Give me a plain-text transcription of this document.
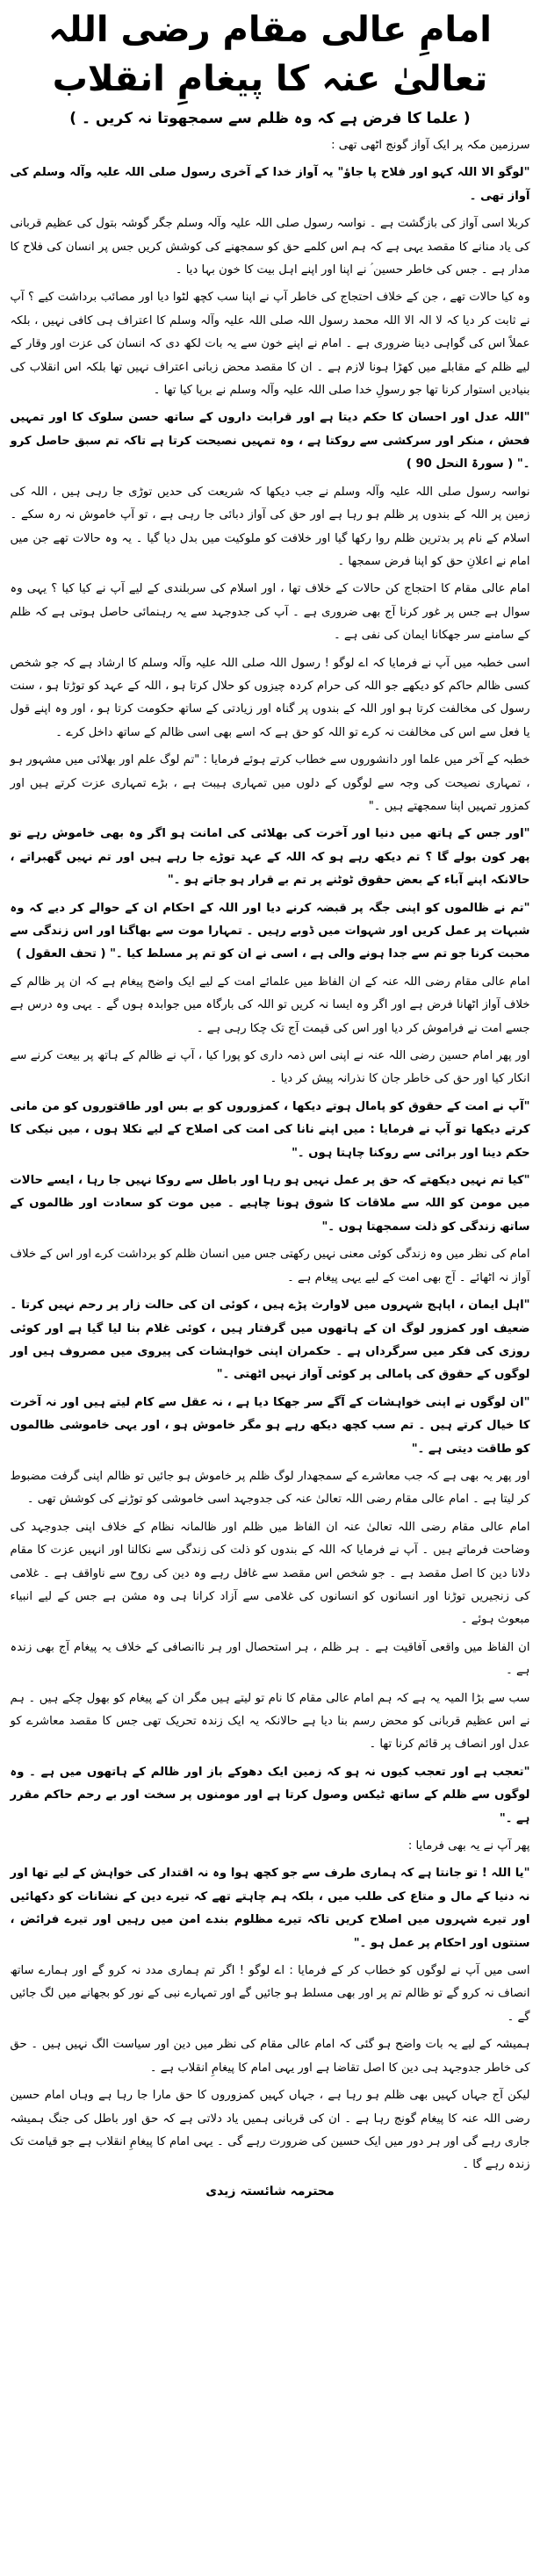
امامِ عالی مقام رضی اللہ تعالیٰ عنہ کا پیغامِ انقلاب
( علما کا فرض ہے کہ وہ ظلم سے سمجھوتا نہ کریں ۔ )

سرزمین مکہ پر ایک آواز گونج اٹھی تھی :

"لوگو الا اللہ کہو اور فلاح پا جاؤ" یہ آواز خدا کے آخری رسول صلی اللہ علیہ وآلہ وسلم کی آواز تھی ۔

کربلا اسی آواز کی بازگشت ہے ۔ نواسہ رسول صلی اللہ علیہ وآلہ وسلم جگر گوشہ بتول کی عظیم قربانی کی یاد منانے کا مقصد یہی ہے کہ ہم اس کلمے حق کو سمجھنے کی کوشش کریں جس پر انسان کی فلاح کا مدار ہے ۔ جس کی خاطر حسین ؑ نے اپنا اور اپنے اہل بیت کا خون بہا دیا ۔

وہ کیا حالات تھے ، جن کے خلاف احتجاج کی خاطر آپ نے اپنا سب کچھ لٹوا دیا اور مصائب برداشت کیے ؟ آپ نے ثابت کر دیا کہ لا الہ الا اللہ محمد رسول اللہ صلی اللہ علیہ وآلہ وسلم کا اعتراف ہی کافی نہیں ، بلکہ عملاً اس کی گواہی دینا ضروری ہے ۔ امام نے اپنے خون سے یہ بات لکھ دی کہ انسان کی عزت اور وقار کے لیے ظلم کے مقابلے میں کھڑا ہونا لازم ہے ۔ ان کا مقصد محض زبانی اعتراف نہیں تھا بلکہ اس انقلاب کی بنیادیں استوار کرنا تھا جو رسولِ خدا صلی اللہ علیہ وآلہ وسلم نے برپا کیا تھا ۔

"اللہ عدل اور احسان کا حکم دیتا ہے اور قرابت داروں کے ساتھ حسن سلوک کا اور تمہیں فحش ، منکر اور سرکشی سے روکتا ہے ، وہ تمہیں نصیحت کرتا ہے تاکہ تم سبق حاصل کرو ۔" ( سورۃ النحل 90 )

نواسہ رسول صلی اللہ علیہ وآلہ وسلم نے جب دیکھا کہ شریعت کی حدیں توڑی جا رہی ہیں ، اللہ کی زمین پر اللہ کے بندوں پر ظلم ہو رہا ہے اور حق کی آواز دبائی جا رہی ہے ، تو آپ خاموش نہ رہ سکے ۔ اسلام کے نام پر بدترین ظلم روا رکھا گیا اور خلافت کو ملوکیت میں بدل دیا گیا ۔ یہ وہ حالات تھے جن میں امام نے اعلانِ حق کو اپنا فرض سمجھا ۔

امام عالی مقام کا احتجاج کن حالات کے خلاف تھا ، اور اسلام کی سربلندی کے لیے آپ نے کیا کیا ؟ یہی وہ سوال ہے جس پر غور کرنا آج بھی ضروری ہے ۔ آپ کی جدوجہد سے یہ رہنمائی حاصل ہوتی ہے کہ ظلم کے سامنے سر جھکانا ایمان کی نفی ہے ۔

اسی خطبہ میں آپ نے فرمایا کہ اے لوگو ! رسول اللہ صلی اللہ علیہ وآلہ وسلم کا ارشاد ہے کہ جو شخص کسی ظالم حاکم کو دیکھے جو اللہ کی حرام کردہ چیزوں کو حلال کرتا ہو ، اللہ کے عہد کو توڑتا ہو ، سنت رسول کی مخالفت کرتا ہو اور اللہ کے بندوں پر گناہ اور زیادتی کے ساتھ حکومت کرتا ہو ، اور وہ اپنے قول یا فعل سے اس کی مخالفت نہ کرے تو اللہ کو حق ہے کہ اسے بھی اسی ظالم کے ساتھ داخل کرے ۔

خطبہ کے آخر میں علما اور دانشوروں سے خطاب کرتے ہوئے فرمایا : "تم لوگ علم اور بھلائی میں مشہور ہو ، تمہاری نصیحت کی وجہ سے لوگوں کے دلوں میں تمہاری ہیبت ہے ، بڑے تمہاری عزت کرتے ہیں اور کمزور تمہیں اپنا سمجھتے ہیں ۔"

"اور جس کے ہاتھ میں دنیا اور آخرت کی بھلائی کی امانت ہو اگر وہ بھی خاموش رہے تو پھر کون بولے گا ؟ تم دیکھ رہے ہو کہ اللہ کے عہد توڑے جا رہے ہیں اور تم نہیں گھبراتے ، حالانکہ اپنے آباء کے بعض حقوق ٹوٹنے پر تم بے قرار ہو جاتے ہو ۔"

"تم نے ظالموں کو اپنی جگہ پر قبضہ کرنے دیا اور اللہ کے احکام ان کے حوالے کر دیے کہ وہ شبہات پر عمل کریں اور شہوات میں ڈوبے رہیں ۔ تمہارا موت سے بھاگنا اور اس زندگی سے محبت کرنا جو تم سے جدا ہونے والی ہے ، اسی نے ان کو تم پر مسلط کیا ۔" ( تحف العقول )

امام عالی مقام رضی اللہ عنہ کے ان الفاظ میں علمائے امت کے لیے ایک واضح پیغام ہے کہ ان پر ظالم کے خلاف آواز اٹھانا فرض ہے اور اگر وہ ایسا نہ کریں تو اللہ کی بارگاہ میں جوابدہ ہوں گے ۔ یہی وہ درس ہے جسے امت نے فراموش کر دیا اور اس کی قیمت آج تک چکا رہی ہے ۔

اور پھر امام حسین رضی اللہ عنہ نے اپنی اس ذمہ داری کو پورا کیا ، آپ نے ظالم کے ہاتھ پر بیعت کرنے سے انکار کیا اور حق کی خاطر جان کا نذرانہ پیش کر دیا ۔

"آپ نے امت کے حقوق کو پامال ہوتے دیکھا ، کمزوروں کو بے بس اور طاقتوروں کو من مانی کرتے دیکھا تو آپ نے فرمایا : میں اپنے نانا کی امت کی اصلاح کے لیے نکلا ہوں ، میں نیکی کا حکم دینا اور برائی سے روکنا چاہتا ہوں ۔"

"کیا تم نہیں دیکھتے کہ حق پر عمل نہیں ہو رہا اور باطل سے روکا نہیں جا رہا ، ایسے حالات میں مومن کو اللہ سے ملاقات کا شوق ہونا چاہیے ۔ میں موت کو سعادت اور ظالموں کے ساتھ زندگی کو ذلت سمجھتا ہوں ۔"

امام کی نظر میں وہ زندگی کوئی معنی نہیں رکھتی جس میں انسان ظلم کو برداشت کرے اور اس کے خلاف آواز نہ اٹھائے ۔ آج بھی امت کے لیے یہی پیغام ہے ۔

"اہل ایمان ، اپاہج شہروں میں لاوارث پڑے ہیں ، کوئی ان کی حالت زار پر رحم نہیں کرتا ۔ ضعیف اور کمزور لوگ ان کے ہاتھوں میں گرفتار ہیں ، کوئی غلام بنا لیا گیا ہے اور کوئی روزی کی فکر میں سرگرداں ہے ۔ حکمران اپنی خواہشات کی پیروی میں مصروف ہیں اور لوگوں کے حقوق کی پامالی پر کوئی آواز نہیں اٹھتی ۔"

"ان لوگوں نے اپنی خواہشات کے آگے سر جھکا دیا ہے ، نہ عقل سے کام لیتے ہیں اور نہ آخرت کا خیال کرتے ہیں ۔ تم سب کچھ دیکھ رہے ہو مگر خاموش ہو ، اور یہی خاموشی ظالموں کو طاقت دیتی ہے ۔"

اور پھر یہ بھی ہے کہ جب معاشرے کے سمجھدار لوگ ظلم پر خاموش ہو جائیں تو ظالم اپنی گرفت مضبوط کر لیتا ہے ۔ امام عالی مقام رضی اللہ تعالیٰ عنہ کی جدوجہد اسی خاموشی کو توڑنے کی کوشش تھی ۔

امام عالی مقام رضی اللہ تعالیٰ عنہ ان الفاظ میں ظلم اور ظالمانہ نظام کے خلاف اپنی جدوجہد کی وضاحت فرماتے ہیں ۔ آپ نے فرمایا کہ اللہ کے بندوں کو ذلت کی زندگی سے نکالنا اور انہیں عزت کا مقام دلانا دین کا اصل مقصد ہے ۔ جو شخص اس مقصد سے غافل رہے وہ دین کی روح سے ناواقف ہے ۔ غلامی کی زنجیریں توڑنا اور انسانوں کو انسانوں کی غلامی سے آزاد کرانا ہی وہ مشن ہے جس کے لیے انبیاء مبعوث ہوئے ۔

ان الفاظ میں واقعی آفاقیت ہے ۔ ہر ظلم ، ہر استحصال اور ہر ناانصافی کے خلاف یہ پیغام آج بھی زندہ ہے ۔

سب سے بڑا المیہ یہ ہے کہ ہم امام عالی مقام کا نام تو لیتے ہیں مگر ان کے پیغام کو بھول چکے ہیں ۔ ہم نے اس عظیم قربانی کو محض رسم بنا دیا ہے حالانکہ یہ ایک زندہ تحریک تھی جس کا مقصد معاشرے کو عدل اور انصاف پر قائم کرنا تھا ۔

"تعجب ہے اور تعجب کیوں نہ ہو کہ زمین ایک دھوکے باز اور ظالم کے ہاتھوں میں ہے ۔ وہ لوگوں سے ظلم کے ساتھ ٹیکس وصول کرتا ہے اور مومنوں پر سخت اور بے رحم حاکم مقرر ہے ۔"

پھر آپ نے یہ بھی فرمایا :

"یا اللہ ! تو جانتا ہے کہ ہماری طرف سے جو کچھ ہوا وہ نہ اقتدار کی خواہش کے لیے تھا اور نہ دنیا کے مال و متاع کی طلب میں ، بلکہ ہم چاہتے تھے کہ تیرے دین کے نشانات کو دکھائیں اور تیرے شہروں میں اصلاح کریں تاکہ تیرے مظلوم بندے امن میں رہیں اور تیرے فرائض ، سنتوں اور احکام پر عمل ہو ۔"

اسی میں آپ نے لوگوں کو خطاب کر کے فرمایا : اے لوگو ! اگر تم ہماری مدد نہ کرو گے اور ہمارے ساتھ انصاف نہ کرو گے تو ظالم تم پر اور بھی مسلط ہو جائیں گے اور تمہارے نبی کے نور کو بجھانے میں لگ جائیں گے ۔

ہمیشہ کے لیے یہ بات واضح ہو گئی کہ امام عالی مقام کی نظر میں دین اور سیاست الگ نہیں ہیں ۔ حق کی خاطر جدوجہد ہی دین کا اصل تقاضا ہے اور یہی امام کا پیغامِ انقلاب ہے ۔

لیکن آج جہاں کہیں بھی ظلم ہو رہا ہے ، جہاں کہیں کمزوروں کا حق مارا جا رہا ہے وہاں امام حسین رضی اللہ عنہ کا پیغام گونج رہا ہے ۔ ان کی قربانی ہمیں یاد دلاتی ہے کہ حق اور باطل کی جنگ ہمیشہ جاری رہے گی اور ہر دور میں ایک حسین کی ضرورت رہے گی ۔ یہی امام کا پیغامِ انقلاب ہے جو قیامت تک زندہ رہے گا ۔

محترمہ شائستہ زیدی
